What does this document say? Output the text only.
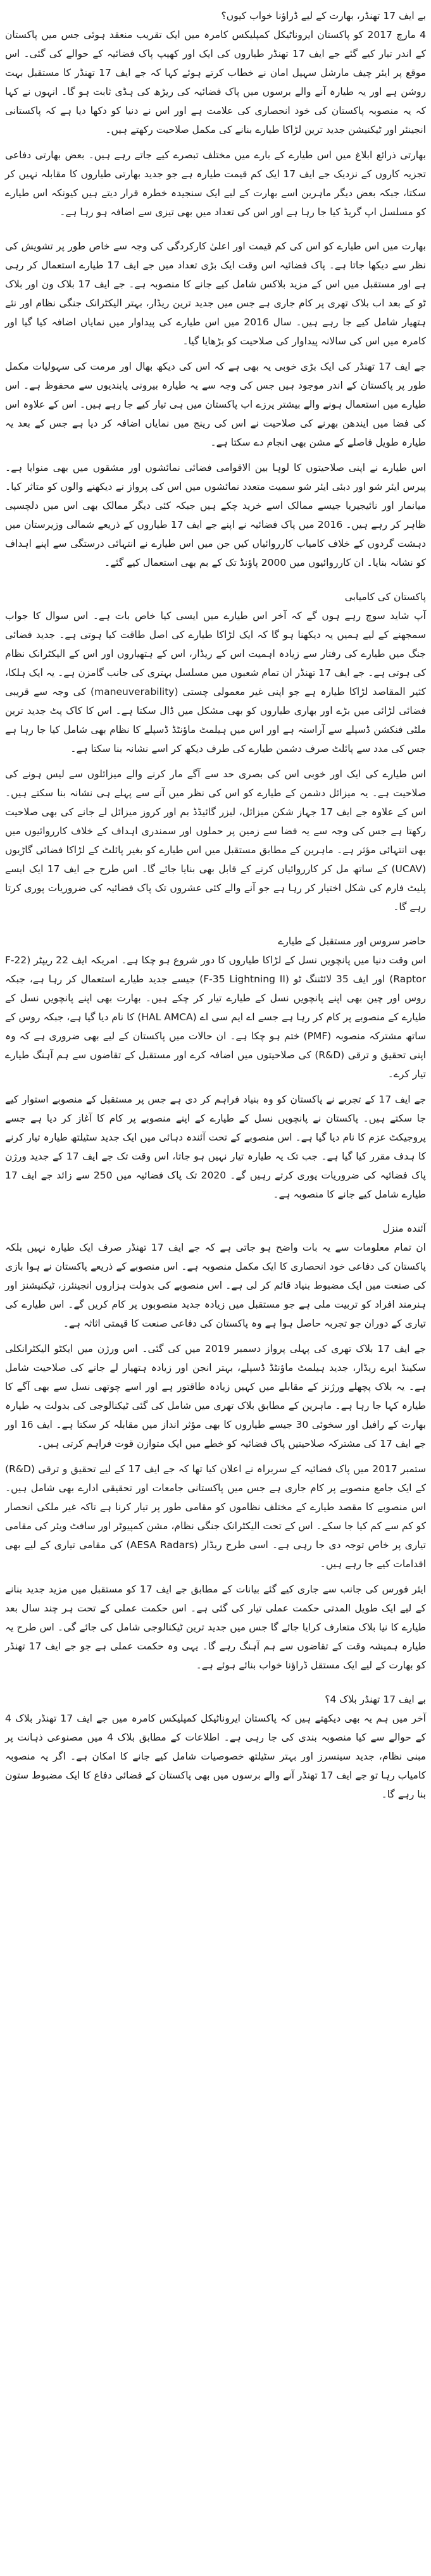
بے ایف 17 تھنڈر، بھارت کے لیے ڈراؤنا خواب کیوں؟

4 مارچ 2017 کو پاکستان ایروناٹیکل کمپلیکس کامرہ میں ایک تقریب منعقد ہوئی جس میں پاکستان کے اندر تیار کیے گئے جے ایف 17 تھنڈر طیاروں کی ایک اور کھیپ پاک فضائیہ کے حوالے کی گئی۔ اس موقع پر ایئر چیف مارشل سہیل امان نے خطاب کرتے ہوئے کہا کہ جے ایف 17 تھنڈر کا مستقبل بہت روشن ہے اور یہ طیارہ آنے والے برسوں میں پاک فضائیہ کی ریڑھ کی ہڈی ثابت ہو گا۔ انہوں نے کہا کہ یہ منصوبہ پاکستان کی خود انحصاری کی علامت ہے اور اس نے دنیا کو دکھا دیا ہے کہ پاکستانی انجینئر اور ٹیکنیشن جدید ترین لڑاکا طیارے بنانے کی مکمل صلاحیت رکھتے ہیں۔

بھارتی ذرائع ابلاغ میں اس طیارے کے بارے میں مختلف تبصرے کیے جاتے رہے ہیں۔ بعض بھارتی دفاعی تجزیہ کاروں کے نزدیک جے ایف 17 ایک کم قیمت طیارہ ہے جو جدید بھارتی طیاروں کا مقابلہ نہیں کر سکتا، جبکہ بعض دیگر ماہرین اسے بھارت کے لیے ایک سنجیدہ خطرہ قرار دیتے ہیں کیونکہ اس طیارے کو مسلسل اپ گریڈ کیا جا رہا ہے اور اس کی تعداد میں بھی تیزی سے اضافہ ہو رہا ہے۔

بھارت میں اس طیارے کو اس کی کم قیمت اور اعلیٰ کارکردگی کی وجہ سے خاص طور پر تشویش کی نظر سے دیکھا جاتا ہے۔ پاک فضائیہ اس وقت ایک بڑی تعداد میں جے ایف 17 طیارے استعمال کر رہی ہے اور مستقبل میں اس کے مزید بلاکس شامل کیے جانے کا منصوبہ ہے۔ جے ایف 17 بلاک ون اور بلاک ٹو کے بعد اب بلاک تھری پر کام جاری ہے جس میں جدید ترین ریڈار، بہتر الیکٹرانک جنگی نظام اور نئے ہتھیار شامل کیے جا رہے ہیں۔ سال 2016 میں اس طیارے کی پیداوار میں نمایاں اضافہ کیا گیا اور کامرہ میں اس کی سالانہ پیداوار کی صلاحیت کو بڑھایا گیا۔

جے ایف 17 تھنڈر کی ایک بڑی خوبی یہ بھی ہے کہ اس کی دیکھ بھال اور مرمت کی سہولیات مکمل طور پر پاکستان کے اندر موجود ہیں جس کی وجہ سے یہ طیارہ بیرونی پابندیوں سے محفوظ ہے۔ اس طیارے میں استعمال ہونے والے بیشتر پرزے اب پاکستان میں ہی تیار کیے جا رہے ہیں۔ اس کے علاوہ اس کی فضا میں ایندھن بھرنے کی صلاحیت نے اس کی رینج میں نمایاں اضافہ کر دیا ہے جس کے بعد یہ طیارہ طویل فاصلے کے مشن بھی انجام دے سکتا ہے۔

اس طیارے نے اپنی صلاحیتوں کا لوہا بین الاقوامی فضائی نمائشوں اور مشقوں میں بھی منوایا ہے۔ پیرس ایئر شو اور دبئی ایئر شو سمیت متعدد نمائشوں میں اس کی پرواز نے دیکھنے والوں کو متاثر کیا۔ میانمار اور نائیجیریا جیسے ممالک اسے خرید چکے ہیں جبکہ کئی دیگر ممالک بھی اس میں دلچسپی ظاہر کر رہے ہیں۔ 2016 میں پاک فضائیہ نے اپنے جے ایف 17 طیاروں کے ذریعے شمالی وزیرستان میں دہشت گردوں کے خلاف کامیاب کارروائیاں کیں جن میں اس طیارے نے انتہائی درستگی سے اپنے اہداف کو نشانہ بنایا۔ ان کارروائیوں میں 2000 پاؤنڈ تک کے بم بھی استعمال کیے گئے۔

پاکستان کی کامیابی

آپ شاید سوچ رہے ہوں گے کہ آخر اس طیارے میں ایسی کیا خاص بات ہے۔ اس سوال کا جواب سمجھنے کے لیے ہمیں یہ دیکھنا ہو گا کہ ایک لڑاکا طیارے کی اصل طاقت کیا ہوتی ہے۔ جدید فضائی جنگ میں طیارے کی رفتار سے زیادہ اہمیت اس کے ریڈار، اس کے ہتھیاروں اور اس کے الیکٹرانک نظام کی ہوتی ہے۔ جے ایف 17 تھنڈر ان تمام شعبوں میں مسلسل بہتری کی جانب گامزن ہے۔ یہ ایک ہلکا، کثیر المقاصد لڑاکا طیارہ ہے جو اپنی غیر معمولی چستی (maneuverability) کی وجہ سے قریبی فضائی لڑائی میں بڑے اور بھاری طیاروں کو بھی مشکل میں ڈال سکتا ہے۔ اس کا کاک پٹ جدید ترین ملٹی فنکشن ڈسپلے سے آراستہ ہے اور اس میں ہیلمٹ ماؤنٹڈ ڈسپلے کا نظام بھی شامل کیا جا رہا ہے جس کی مدد سے پائلٹ صرف دشمن طیارے کی طرف دیکھ کر اسے نشانہ بنا سکتا ہے۔

اس طیارے کی ایک اور خوبی اس کی بصری حد سے آگے مار کرنے والے میزائلوں سے لیس ہونے کی صلاحیت ہے۔ یہ میزائل دشمن کے طیارے کو اس کی نظر میں آنے سے پہلے ہی نشانہ بنا سکتے ہیں۔ اس کے علاوہ جے ایف 17 جہاز شکن میزائل، لیزر گائیڈڈ بم اور کروز میزائل لے جانے کی بھی صلاحیت رکھتا ہے جس کی وجہ سے یہ فضا سے زمین پر حملوں اور سمندری اہداف کے خلاف کارروائیوں میں بھی انتہائی مؤثر ہے۔ ماہرین کے مطابق مستقبل میں اس طیارے کو بغیر پائلٹ کے لڑاکا فضائی گاڑیوں (UCAV) کے ساتھ مل کر کارروائیاں کرنے کے قابل بھی بنایا جائے گا۔ اس طرح جے ایف 17 ایک ایسے پلیٹ فارم کی شکل اختیار کر رہا ہے جو آنے والے کئی عشروں تک پاک فضائیہ کی ضروریات پوری کرتا رہے گا۔

حاضر سروس اور مستقبل کے طیارے

اس وقت دنیا میں پانچویں نسل کے لڑاکا طیاروں کا دور شروع ہو چکا ہے۔ امریکہ ایف 22 ریپٹر (F-22 Raptor) اور ایف 35 لائٹننگ ٹو (F-35 Lightning II) جیسے جدید طیارے استعمال کر رہا ہے، جبکہ روس اور چین بھی اپنے پانچویں نسل کے طیارے تیار کر چکے ہیں۔ بھارت بھی اپنے پانچویں نسل کے طیارے کے منصوبے پر کام کر رہا ہے جسے اے ایم سی اے (HAL AMCA) کا نام دیا گیا ہے، جبکہ روس کے ساتھ مشترکہ منصوبہ (PMF) ختم ہو چکا ہے۔ ان حالات میں پاکستان کے لیے بھی ضروری ہے کہ وہ اپنی تحقیق و ترقی (R&D) کی صلاحیتوں میں اضافہ کرے اور مستقبل کے تقاضوں سے ہم آہنگ طیارے تیار کرے۔

جے ایف 17 کے تجربے نے پاکستان کو وہ بنیاد فراہم کر دی ہے جس پر مستقبل کے منصوبے استوار کیے جا سکتے ہیں۔ پاکستان نے پانچویں نسل کے طیارے کے اپنے منصوبے پر کام کا آغاز کر دیا ہے جسے پروجیکٹ عزم کا نام دیا گیا ہے۔ اس منصوبے کے تحت آئندہ دہائی میں ایک جدید سٹیلتھ طیارہ تیار کرنے کا ہدف مقرر کیا گیا ہے۔ جب تک یہ طیارہ تیار نہیں ہو جاتا، اس وقت تک جے ایف 17 کے جدید ورژن پاک فضائیہ کی ضروریات پوری کرتے رہیں گے۔ 2020 تک پاک فضائیہ میں 250 سے زائد جے ایف 17 طیارے شامل کیے جانے کا منصوبہ ہے۔

آئندہ منزل

ان تمام معلومات سے یہ بات واضح ہو جاتی ہے کہ جے ایف 17 تھنڈر صرف ایک طیارہ نہیں بلکہ پاکستان کی دفاعی خود انحصاری کا ایک مکمل منصوبہ ہے۔ اس منصوبے کے ذریعے پاکستان نے ہوا بازی کی صنعت میں ایک مضبوط بنیاد قائم کر لی ہے۔ اس منصوبے کی بدولت ہزاروں انجینئرز، ٹیکنیشنز اور ہنرمند افراد کو تربیت ملی ہے جو مستقبل میں زیادہ جدید منصوبوں پر کام کریں گے۔ اس طیارے کی تیاری کے دوران جو تجربہ حاصل ہوا ہے وہ پاکستان کی دفاعی صنعت کا قیمتی اثاثہ ہے۔

جے ایف 17 بلاک تھری کی پہلی پرواز دسمبر 2019 میں کی گئی۔ اس ورژن میں ایکٹو الیکٹرانکلی سکینڈ ایرے ریڈار، جدید ہیلمٹ ماؤنٹڈ ڈسپلے، بہتر انجن اور زیادہ ہتھیار لے جانے کی صلاحیت شامل ہے۔ یہ بلاک پچھلے ورژنز کے مقابلے میں کہیں زیادہ طاقتور ہے اور اسے چوتھی نسل سے بھی آگے کا طیارہ کہا جا رہا ہے۔ ماہرین کے مطابق بلاک تھری میں شامل کی گئی ٹیکنالوجی کی بدولت یہ طیارہ بھارت کے رافیل اور سخوئی 30 جیسے طیاروں کا بھی مؤثر انداز میں مقابلہ کر سکتا ہے۔ ایف 16 اور جے ایف 17 کی مشترکہ صلاحیتیں پاک فضائیہ کو خطے میں ایک متوازن قوت فراہم کرتی ہیں۔

ستمبر 2017 میں پاک فضائیہ کے سربراہ نے اعلان کیا تھا کہ جے ایف 17 کے لیے تحقیق و ترقی (R&D) کے ایک جامع منصوبے پر کام جاری ہے جس میں پاکستانی جامعات اور تحقیقی ادارے بھی شامل ہیں۔ اس منصوبے کا مقصد طیارے کے مختلف نظاموں کو مقامی طور پر تیار کرنا ہے تاکہ غیر ملکی انحصار کو کم سے کم کیا جا سکے۔ اس کے تحت الیکٹرانک جنگی نظام، مشن کمپیوٹر اور سافٹ ویئر کی مقامی تیاری پر خاص توجہ دی جا رہی ہے۔ اسی طرح ریڈار (AESA Radars) کی مقامی تیاری کے لیے بھی اقدامات کیے جا رہے ہیں۔

ایئر فورس کی جانب سے جاری کیے گئے بیانات کے مطابق جے ایف 17 کو مستقبل میں مزید جدید بنانے کے لیے ایک طویل المدتی حکمت عملی تیار کی گئی ہے۔ اس حکمت عملی کے تحت ہر چند سال بعد طیارے کا نیا بلاک متعارف کرایا جائے گا جس میں جدید ترین ٹیکنالوجی شامل کی جائے گی۔ اس طرح یہ طیارہ ہمیشہ وقت کے تقاضوں سے ہم آہنگ رہے گا۔ یہی وہ حکمت عملی ہے جو جے ایف 17 تھنڈر کو بھارت کے لیے ایک مستقل ڈراؤنا خواب بنائے ہوئے ہے۔

بے ایف 17 تھنڈر بلاک 4؟

آخر میں ہم یہ بھی دیکھتے ہیں کہ پاکستان ایروناٹیکل کمپلیکس کامرہ میں جے ایف 17 تھنڈر بلاک 4 کے حوالے سے کیا منصوبہ بندی کی جا رہی ہے۔ اطلاعات کے مطابق بلاک 4 میں مصنوعی ذہانت پر مبنی نظام، جدید سینسرز اور بہتر سٹیلتھ خصوصیات شامل کیے جانے کا امکان ہے۔ اگر یہ منصوبہ کامیاب رہا تو جے ایف 17 تھنڈر آنے والے برسوں میں بھی پاکستان کے فضائی دفاع کا ایک مضبوط ستون بنا رہے گا۔
